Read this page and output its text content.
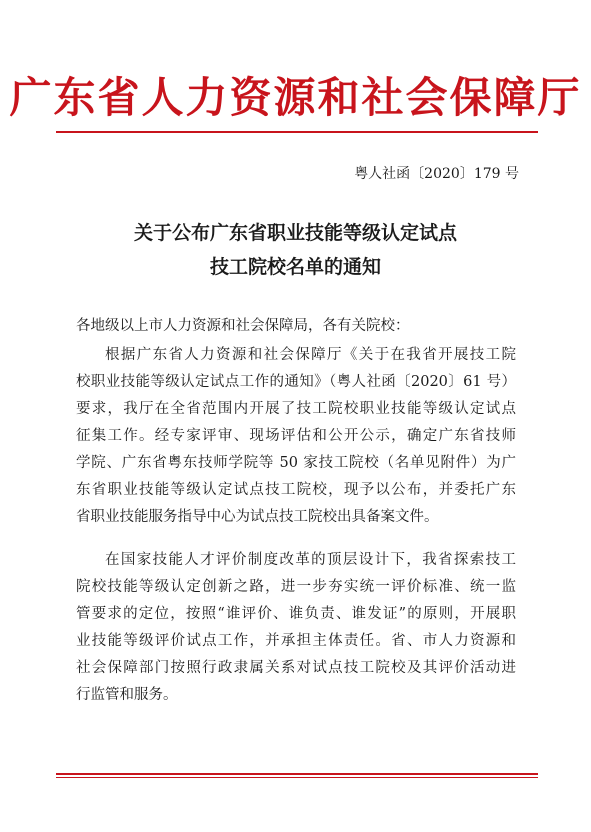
广东省人力资源和社会保障厅
粤人社函〔2020〕179 号
关于公布广东省职业技能等级认定试点
技工院校名单的通知
各地级以上市人力资源和社会保障局，各有关院校：
根据广东省人力资源和社会保障厅《关于在我省开展技工院
校职业技能等级认定试点工作的通知》（粤人社函〔2020〕61 号）
要求，我厅在全省范围内开展了技工院校职业技能等级认定试点
征集工作。经专家评审、现场评估和公开公示，确定广东省技师
学院、广东省粤东技师学院等 50 家技工院校（名单见附件）为广
东省职业技能等级认定试点技工院校，现予以公布，并委托广东
省职业技能服务指导中心为试点技工院校出具备案文件。
在国家技能人才评价制度改革的顶层设计下，我省探索技工
院校技能等级认定创新之路，进一步夯实统一评价标准、统一监
管要求的定位，按照“谁评价、谁负责、谁发证”的原则，开展职
业技能等级评价试点工作，并承担主体责任。省、市人力资源和
社会保障部门按照行政隶属关系对试点技工院校及其评价活动进
行监管和服务。
